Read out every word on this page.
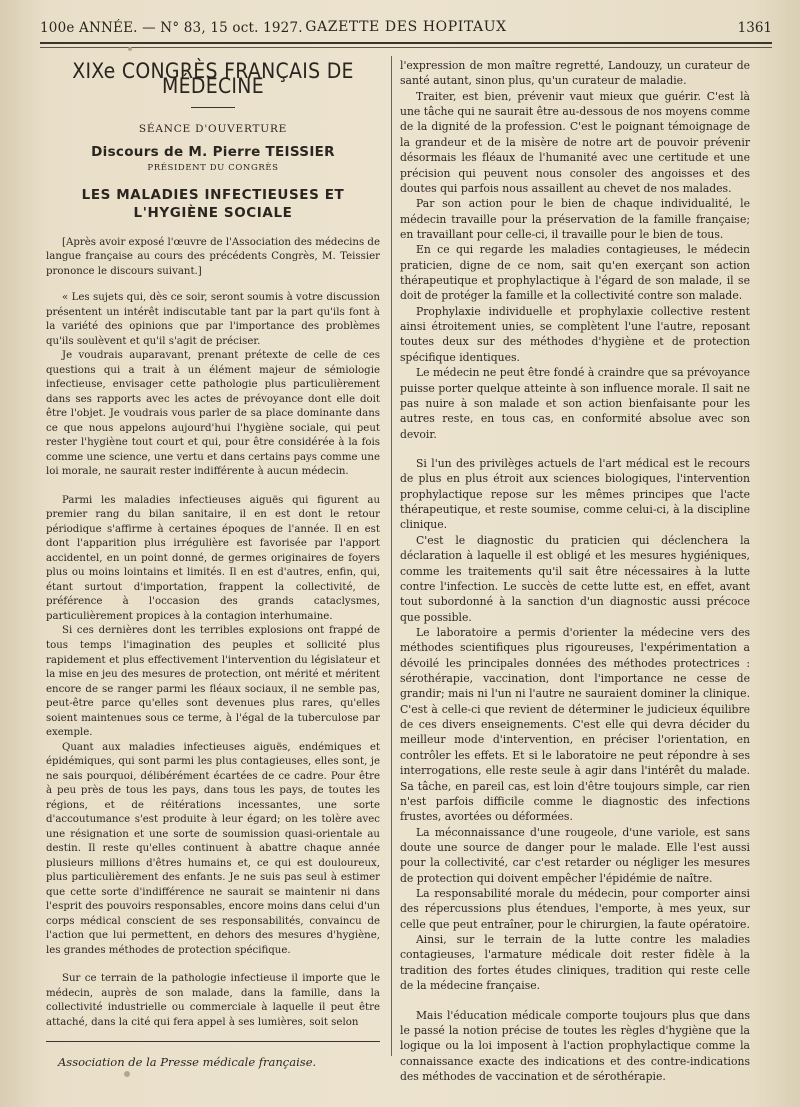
100e ANNÉE. — N° 83, 15 oct. 1927. GAZETTE DES HOPITAUX	1361
XIXe CONGRÈS FRANÇAIS DE MÉDECINE
SÉANCE D'OUVERTURE
Discours de M. Pierre TEISSIER
PRÉSIDENT DU CONGRÈS
LES MALADIES INFECTIEUSES ET L'HYGIÈNE SOCIALE

[Après avoir exposé l'œuvre de l'Association des médecins de langue française au cours des précédents Congrès, M. Teissier prononce le discours suivant.]

« Les sujets qui, dès ce soir, seront soumis à votre discussion présentent un intérêt indiscutable tant par la part qu'ils font à la variété des opinions que par l'importance des problèmes qu'ils soulèvent et qu'il s'agit de préciser.

Je voudrais auparavant, prenant prétexte de celle de ces questions qui a trait à un élément majeur de sémiologie infectieuse, envisager cette pathologie plus particulièrement dans ses rapports avec les actes de prévoyance dont elle doit être l'objet. Je voudrais vous parler de sa place dominante dans ce que nous appelons aujourd'hui l'hygiène sociale, qui peut rester l'hygiène tout court et qui, pour être considérée à la fois comme une science, une vertu et dans certains pays comme une loi morale, ne saurait rester indifférente à aucun médecin.

Parmi les maladies infectieuses aiguës qui figurent au premier rang du bilan sanitaire, il en est dont le retour périodique s'affirme à certaines époques de l'année. Il en est dont l'apparition plus irrégulière est favorisée par l'apport accidentel, en un point donné, de germes originaires de foyers plus ou moins lointains et limités. Il en est d'autres, enfin, qui, étant surtout d'importation, frappent la collectivité, de préférence à l'occasion des grands cataclysmes, particulièrement propices à la contagion interhumaine.

Si ces dernières dont les terribles explosions ont frappé de tous temps l'imagination des peuples et sollicité plus rapidement et plus effectivement l'intervention du législateur et la mise en jeu des mesures de protection, ont mérité et méritent encore de se ranger parmi les fléaux sociaux, il ne semble pas, peut-être parce qu'elles sont devenues plus rares, qu'elles soient maintenues sous ce terme, à l'égal de la tuberculose par exemple.

Quant aux maladies infectieuses aiguës, endémiques et épidémiques, qui sont parmi les plus contagieuses, elles sont, je ne sais pourquoi, délibérément écartées de ce cadre. Pour être à peu près de tous les pays, dans tous les pays, de toutes les régions, et de réitérations incessantes, une sorte d'accoutumance s'est produite à leur égard; on les tolère avec une résignation et une sorte de soumission quasi-orientale au destin. Il reste qu'elles continuent à abattre chaque année plusieurs millions d'êtres humains et, ce qui est douloureux, plus particulièrement des enfants. Je ne suis pas seul à estimer que cette sorte d'indifférence ne saurait se maintenir ni dans l'esprit des pouvoirs responsables, encore moins dans celui d'un corps médical conscient de ses responsabilités, convaincu de l'action que lui permettent, en dehors des mesures d'hygiène, les grandes méthodes de protection spécifique.

Sur ce terrain de la pathologie infectieuse il importe que le médecin, auprès de son malade, dans la famille, dans la collectivité industrielle ou commerciale à laquelle il peut être attaché, dans la cité qui fera appel à ses lumières, soit selon

l'expression de mon maître regretté, Landouzy, un curateur de santé autant, sinon plus, qu'un curateur de maladie.

Traiter, est bien, prévenir vaut mieux que guérir. C'est là une tâche qui ne saurait être au-dessous de nos moyens comme de la dignité de la profession. C'est le poignant témoignage de la grandeur et de la misère de notre art de pouvoir prévenir désormais les fléaux de l'humanité avec une certitude et une précision qui peuvent nous consoler des angoisses et des doutes qui parfois nous assaillent au chevet de nos malades.

Par son action pour le bien de chaque individualité, le médecin travaille pour la préservation de la famille française; en travaillant pour celle-ci, il travaille pour le bien de tous.

En ce qui regarde les maladies contagieuses, le médecin praticien, digne de ce nom, sait qu'en exerçant son action thérapeutique et prophylactique à l'égard de son malade, il se doit de protéger la famille et la collectivité contre son malade.

Prophylaxie individuelle et prophylaxie collective restent ainsi étroitement unies, se complètent l'une l'autre, reposant toutes deux sur des méthodes d'hygiène et de protection spécifique identiques.

Le médecin ne peut être fondé à craindre que sa prévoyance puisse porter quelque atteinte à son influence morale. Il sait ne pas nuire à son malade et son action bienfaisante pour les autres reste, en tous cas, en conformité absolue avec son devoir.

Si l'un des privilèges actuels de l'art médical est le recours de plus en plus étroit aux sciences biologiques, l'intervention prophylactique repose sur les mêmes principes que l'acte thérapeutique, et reste soumise, comme celui-ci, à la discipline clinique.

C'est le diagnostic du praticien qui déclenchera la déclaration à laquelle il est obligé et les mesures hygiéniques, comme les traitements qu'il sait être nécessaires à la lutte contre l'infection. Le succès de cette lutte est, en effet, avant tout subordonné à la sanction d'un diagnostic aussi précoce que possible.

Le laboratoire a permis d'orienter la médecine vers des méthodes scientifiques plus rigoureuses, l'expérimentation a dévoilé les principales données des méthodes protectrices : sérothérapie, vaccination, dont l'importance ne cesse de grandir; mais ni l'un ni l'autre ne sauraient dominer la clinique. C'est à celle-ci que revient de déterminer le judicieux équilibre de ces divers enseignements. C'est elle qui devra décider du meilleur mode d'intervention, en préciser l'orientation, en contrôler les effets. Et si le laboratoire ne peut répondre à ses interrogations, elle reste seule à agir dans l'intérêt du malade. Sa tâche, en pareil cas, est loin d'être toujours simple, car rien n'est parfois difficile comme le diagnostic des infections frustes, avortées ou déformées.

La méconnaissance d'une rougeole, d'une variole, est sans doute une source de danger pour le malade. Elle l'est aussi pour la collectivité, car c'est retarder ou négliger les mesures de protection qui doivent empêcher l'épidémie de naître.

La responsabilité morale du médecin, pour comporter ainsi des répercussions plus étendues, l'emporte, à mes yeux, sur celle que peut entraîner, pour le chirurgien, la faute opératoire.

Ainsi, sur le terrain de la lutte contre les maladies contagieuses, l'armature médicale doit rester fidèle à la tradition des fortes études cliniques, tradition qui reste celle de la médecine française.

Mais l'éducation médicale comporte toujours plus que dans le passé la notion précise de toutes les règles d'hygiène que la logique ou la loi imposent à l'action prophylactique comme la connaissance exacte des indications et des contre-indications des méthodes de vaccination et de sérothérapie.

Association de la Presse médicale française.
